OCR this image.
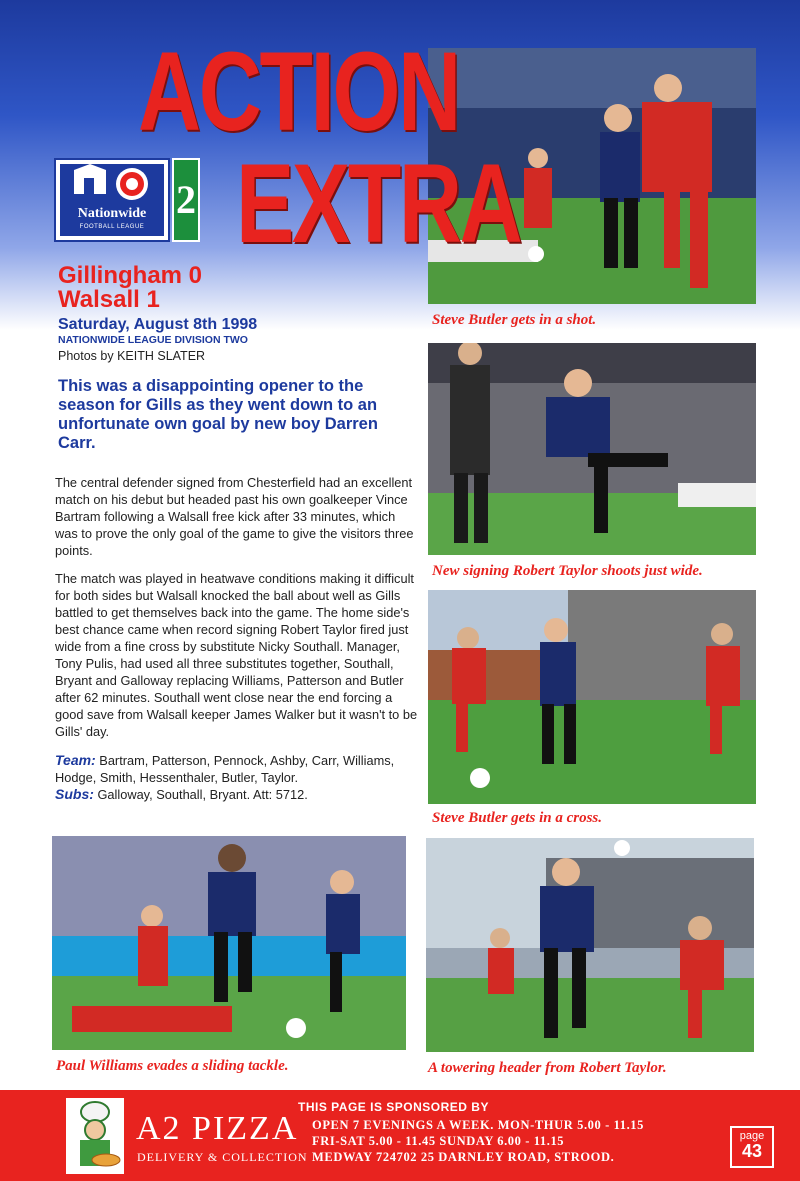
Steve Butler gets in a shot.
ACTION
EXTRA
Nationwide
FOOTBALL LEAGUE
2
Gillingham 0
Walsall 1
Saturday, August 8th 1998
NATIONWIDE LEAGUE DIVISION TWO
Photos by KEITH SLATER
This was a disappointing opener to the season for Gills as they went down to an unfortunate own goal by new boy Darren Carr.
The central defender signed from Chesterfield had an excellent match on his debut but headed past his own goalkeeper Vince Bartram following a Walsall free kick after 33 minutes, which was to prove the only goal of the game to give the visitors three points.
The match was played in heatwave conditions making it difficult for both sides but Walsall knocked the ball about well as Gills battled to get themselves back into the game. The home side's best chance came when record signing Robert Taylor fired just wide from a fine cross by substitute Nicky Southall. Manager, Tony Pulis, had used all three substitutes together, Southall, Bryant and Galloway replacing Williams, Patterson and Butler after 62 minutes. Southall went close near the end forcing a good save from Walsall keeper James Walker but it wasn't to be Gills' day.
Team: Bartram, Patterson, Pennock, Ashby, Carr, Williams, Hodge, Smith, Hessenthaler, Butler, Taylor.
Subs: Galloway, Southall, Bryant. Att: 5712.
New signing Robert Taylor shoots just wide.
Steve Butler gets in a cross.
Paul Williams evades a sliding tackle.	A towering header from Robert Taylor.
A2 PIZZA
DELIVERY & COLLECTION
THIS PAGE IS SPONSORED BY
OPEN 7 EVENINGS A WEEK. MON-THUR 5.00 - 11.15
FRI-SAT 5.00 - 11.45 SUNDAY 6.00 - 11.15
MEDWAY 724702 25 DARNLEY ROAD, STROOD.
page
43
